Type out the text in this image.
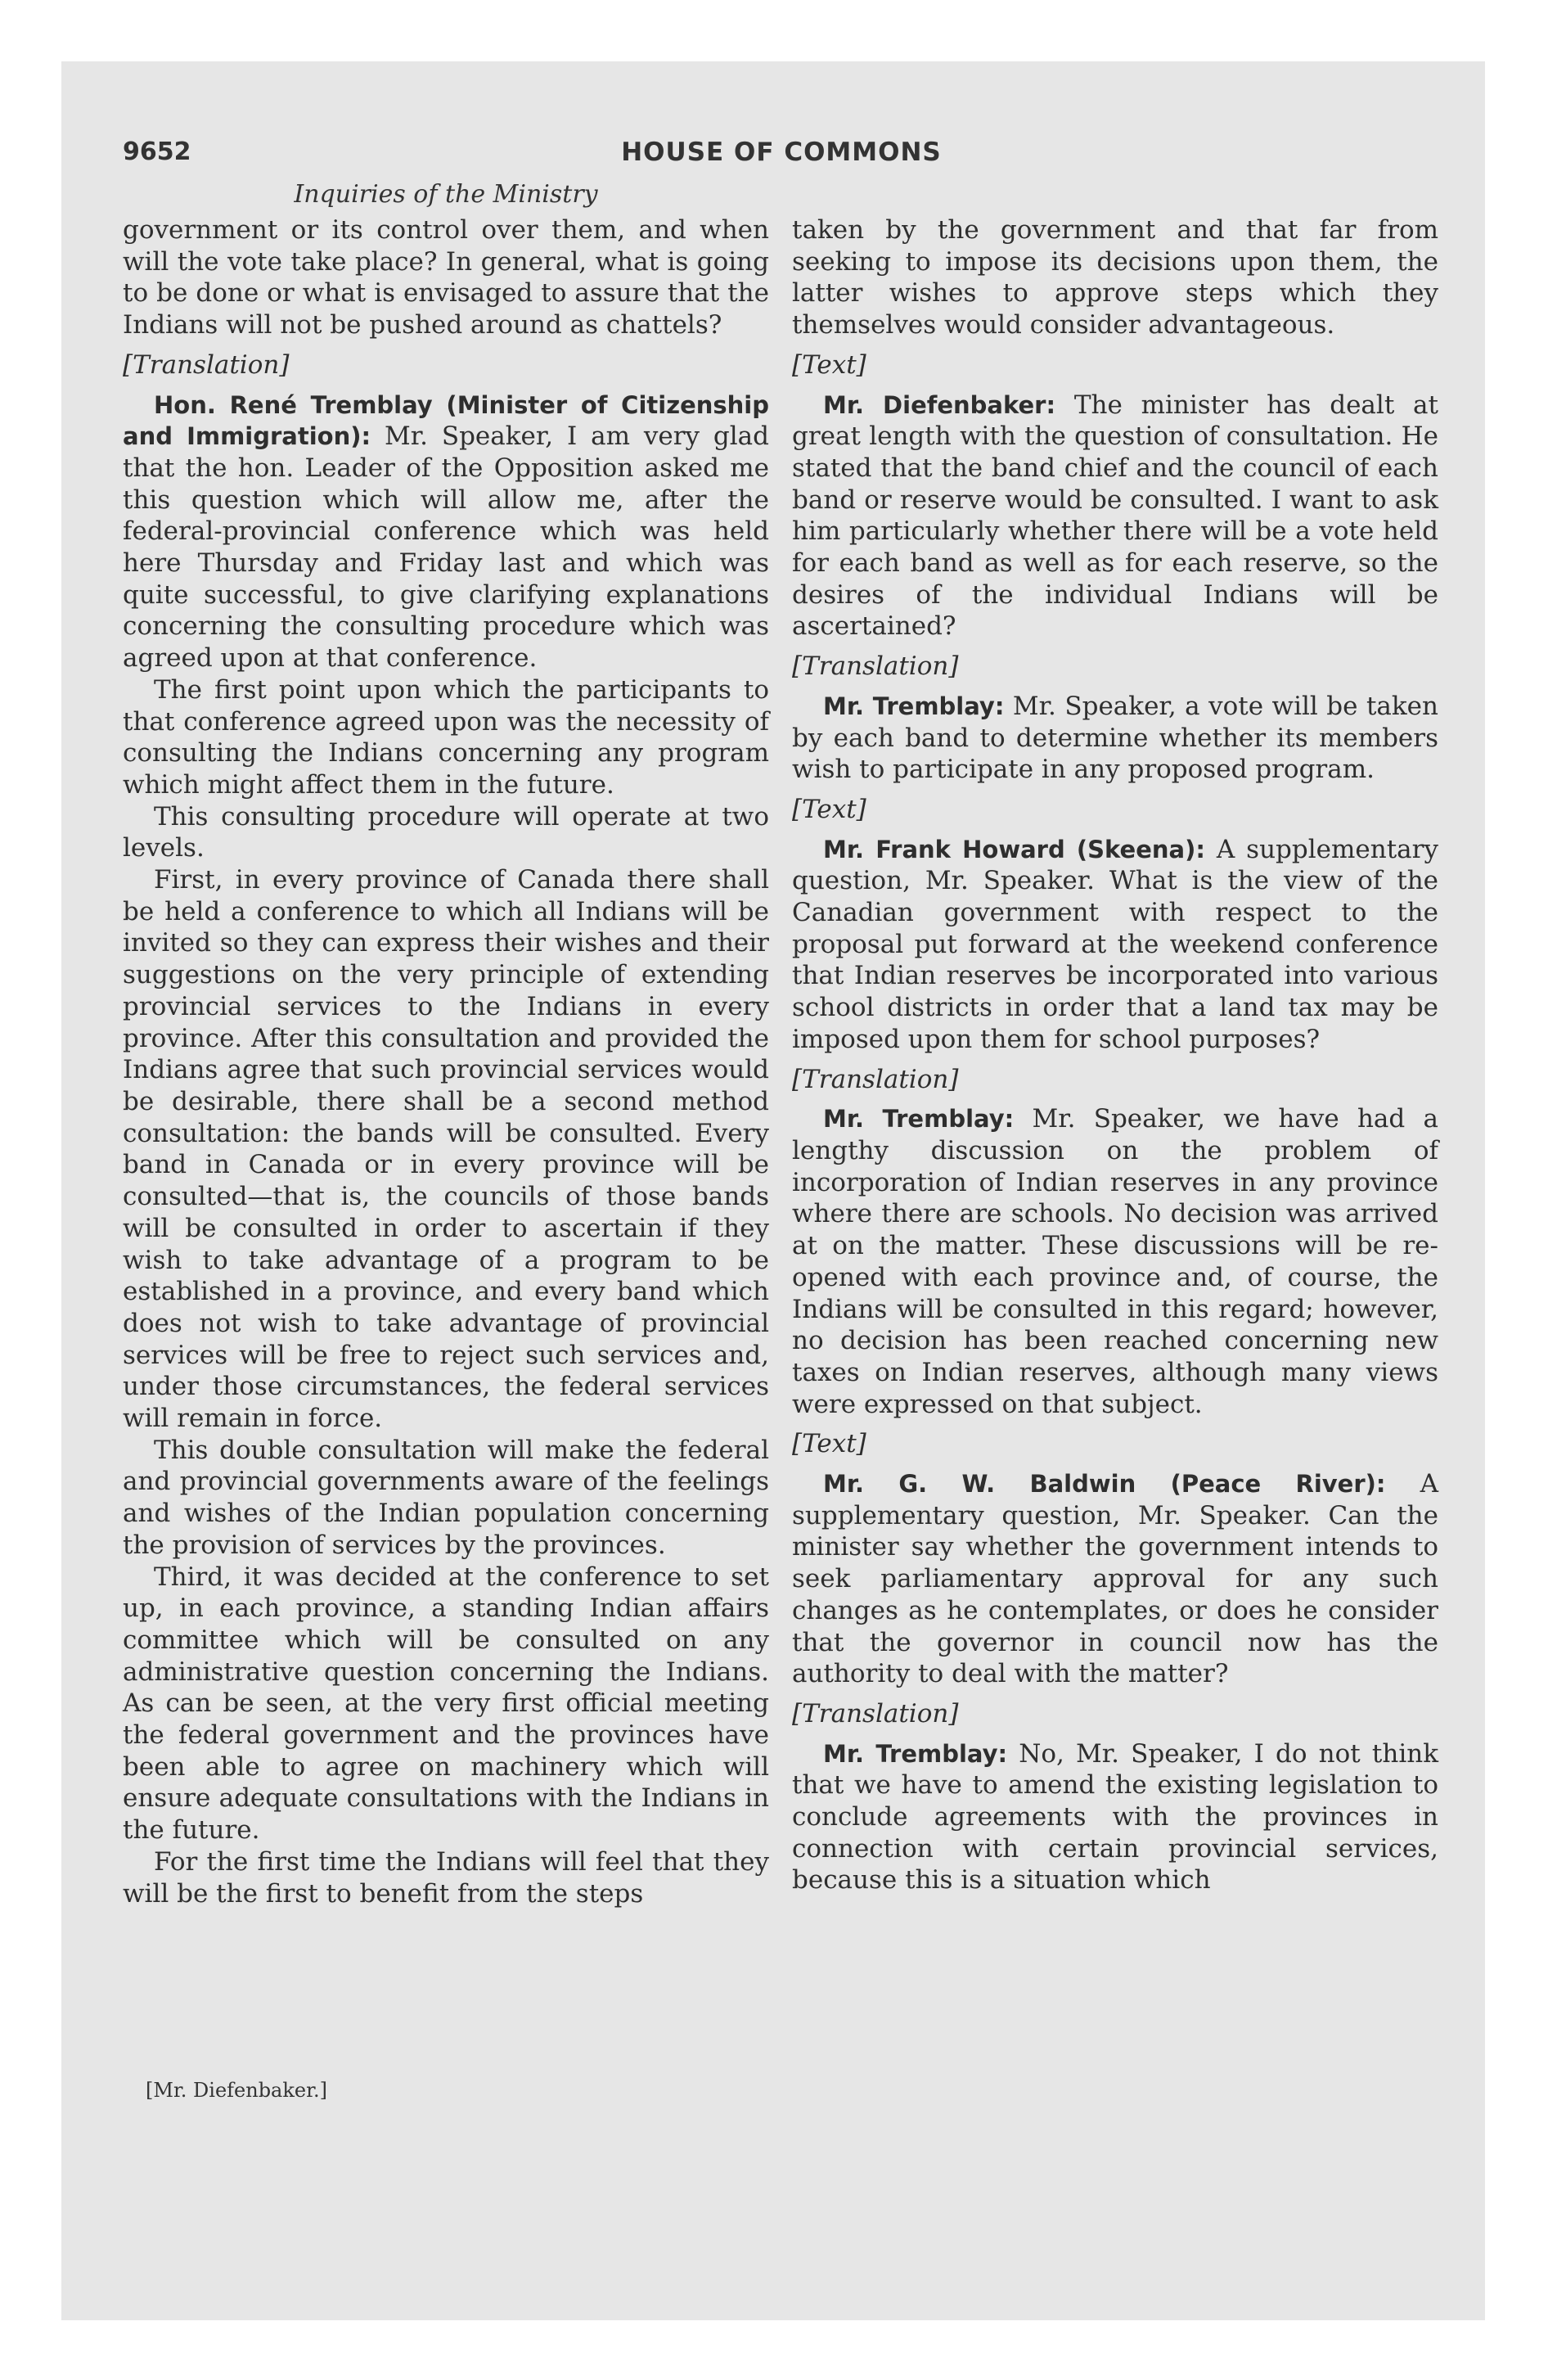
9652	HOUSE OF COMMONS
Inquiries of the Ministry

government or its control over them, and when will the vote take place? In general, what is going to be done or what is envisaged to assure that the Indians will not be pushed around as chattels?

[Translation]

Hon. René Tremblay (Minister of Citizenship and Immigration): Mr. Speaker, I am very glad that the hon. Leader of the Opposition asked me this question which will allow me, after the federal-provincial conference which was held here Thursday and Friday last and which was quite successful, to give clarifying explanations concerning the consulting procedure which was agreed upon at that conference.

The first point upon which the participants to that conference agreed upon was the necessity of consulting the Indians concerning any program which might affect them in the future.

This consulting procedure will operate at two levels.

First, in every province of Canada there shall be held a conference to which all Indians will be invited so they can express their wishes and their suggestions on the very principle of extending provincial services to the Indians in every province. After this consultation and provided the Indians agree that such provincial services would be desirable, there shall be a second method consultation: the bands will be consulted. Every band in Canada or in every province will be consulted—that is, the councils of those bands will be consulted in order to ascertain if they wish to take advantage of a program to be established in a province, and every band which does not wish to take advantage of provincial services will be free to reject such services and, under those circumstances, the federal services will remain in force.

This double consultation will make the federal and provincial governments aware of the feelings and wishes of the Indian population concerning the provision of services by the provinces.

Third, it was decided at the conference to set up, in each province, a standing Indian affairs committee which will be consulted on any administrative question concerning the Indians. As can be seen, at the very first official meeting the federal government and the provinces have been able to agree on machinery which will ensure adequate consultations with the Indians in the future.

For the first time the Indians will feel that they will be the first to benefit from the steps

taken by the government and that far from seeking to impose its decisions upon them, the latter wishes to approve steps which they themselves would consider advantageous.

[Text]

Mr. Diefenbaker: The minister has dealt at great length with the question of consultation. He stated that the band chief and the council of each band or reserve would be consulted. I want to ask him particularly whether there will be a vote held for each band as well as for each reserve, so the desires of the individual Indians will be ascertained?

[Translation]

Mr. Tremblay: Mr. Speaker, a vote will be taken by each band to determine whether its members wish to participate in any proposed program.

[Text]

Mr. Frank Howard (Skeena): A supplementary question, Mr. Speaker. What is the view of the Canadian government with respect to the proposal put forward at the weekend conference that Indian reserves be incorporated into various school districts in order that a land tax may be imposed upon them for school purposes?

[Translation]

Mr. Tremblay: Mr. Speaker, we have had a lengthy discussion on the problem of incorporation of Indian reserves in any province where there are schools. No decision was arrived at on the matter. These discussions will be re-opened with each province and, of course, the Indians will be consulted in this regard; however, no decision has been reached concerning new taxes on Indian reserves, although many views were expressed on that subject.

[Text]

Mr. G. W. Baldwin (Peace River): A supplementary question, Mr. Speaker. Can the minister say whether the government intends to seek parliamentary approval for any such changes as he contemplates, or does he consider that the governor in council now has the authority to deal with the matter?

[Translation]

Mr. Tremblay: No, Mr. Speaker, I do not think that we have to amend the existing legislation to conclude agreements with the provinces in connection with certain provincial services, because this is a situation which

[Mr. Diefenbaker.]
